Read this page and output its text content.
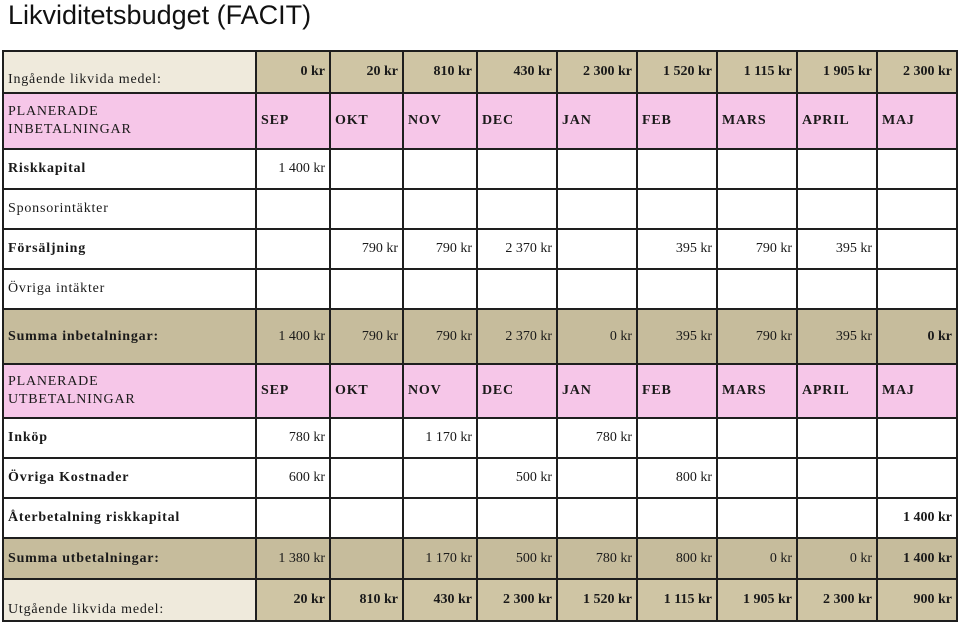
Likviditetsbudget (FACIT)
Ingående likvida medel:	0 kr	20 kr	810 kr	430 kr	2 300 kr	1 520 kr	1 115 kr	1 905 kr	2 300 kr

PLANERADE INBETALNINGAR	SEP	OKT	NOV	DEC	JAN	FEB	MARS	APRIL	MAJ
Riskkapital	1 400 kr								
Sponsorintäkter									
Försäljning		790 kr	790 kr	2 370 kr		395 kr	790 kr	395 kr	
Övriga intäkter									
Summa inbetalningar:	1 400 kr	790 kr	790 kr	2 370 kr	0 kr	395 kr	790 kr	395 kr	0 kr

PLANERADE UTBETALNINGAR	SEP	OKT	NOV	DEC	JAN	FEB	MARS	APRIL	MAJ
Inköp	780 kr		1 170 kr		780 kr				
Övriga Kostnader	600 kr			500 kr		800 kr			
Återbetalning riskkapital									1 400 kr
Summa utbetalningar:	1 380 kr		1 170 kr	500 kr	780 kr	800 kr	0 kr	0 kr	1 400 kr
Utgående likvida medel:	20 kr	810 kr	430 kr	2 300 kr	1 520 kr	1 115 kr	1 905 kr	2 300 kr	900 kr
